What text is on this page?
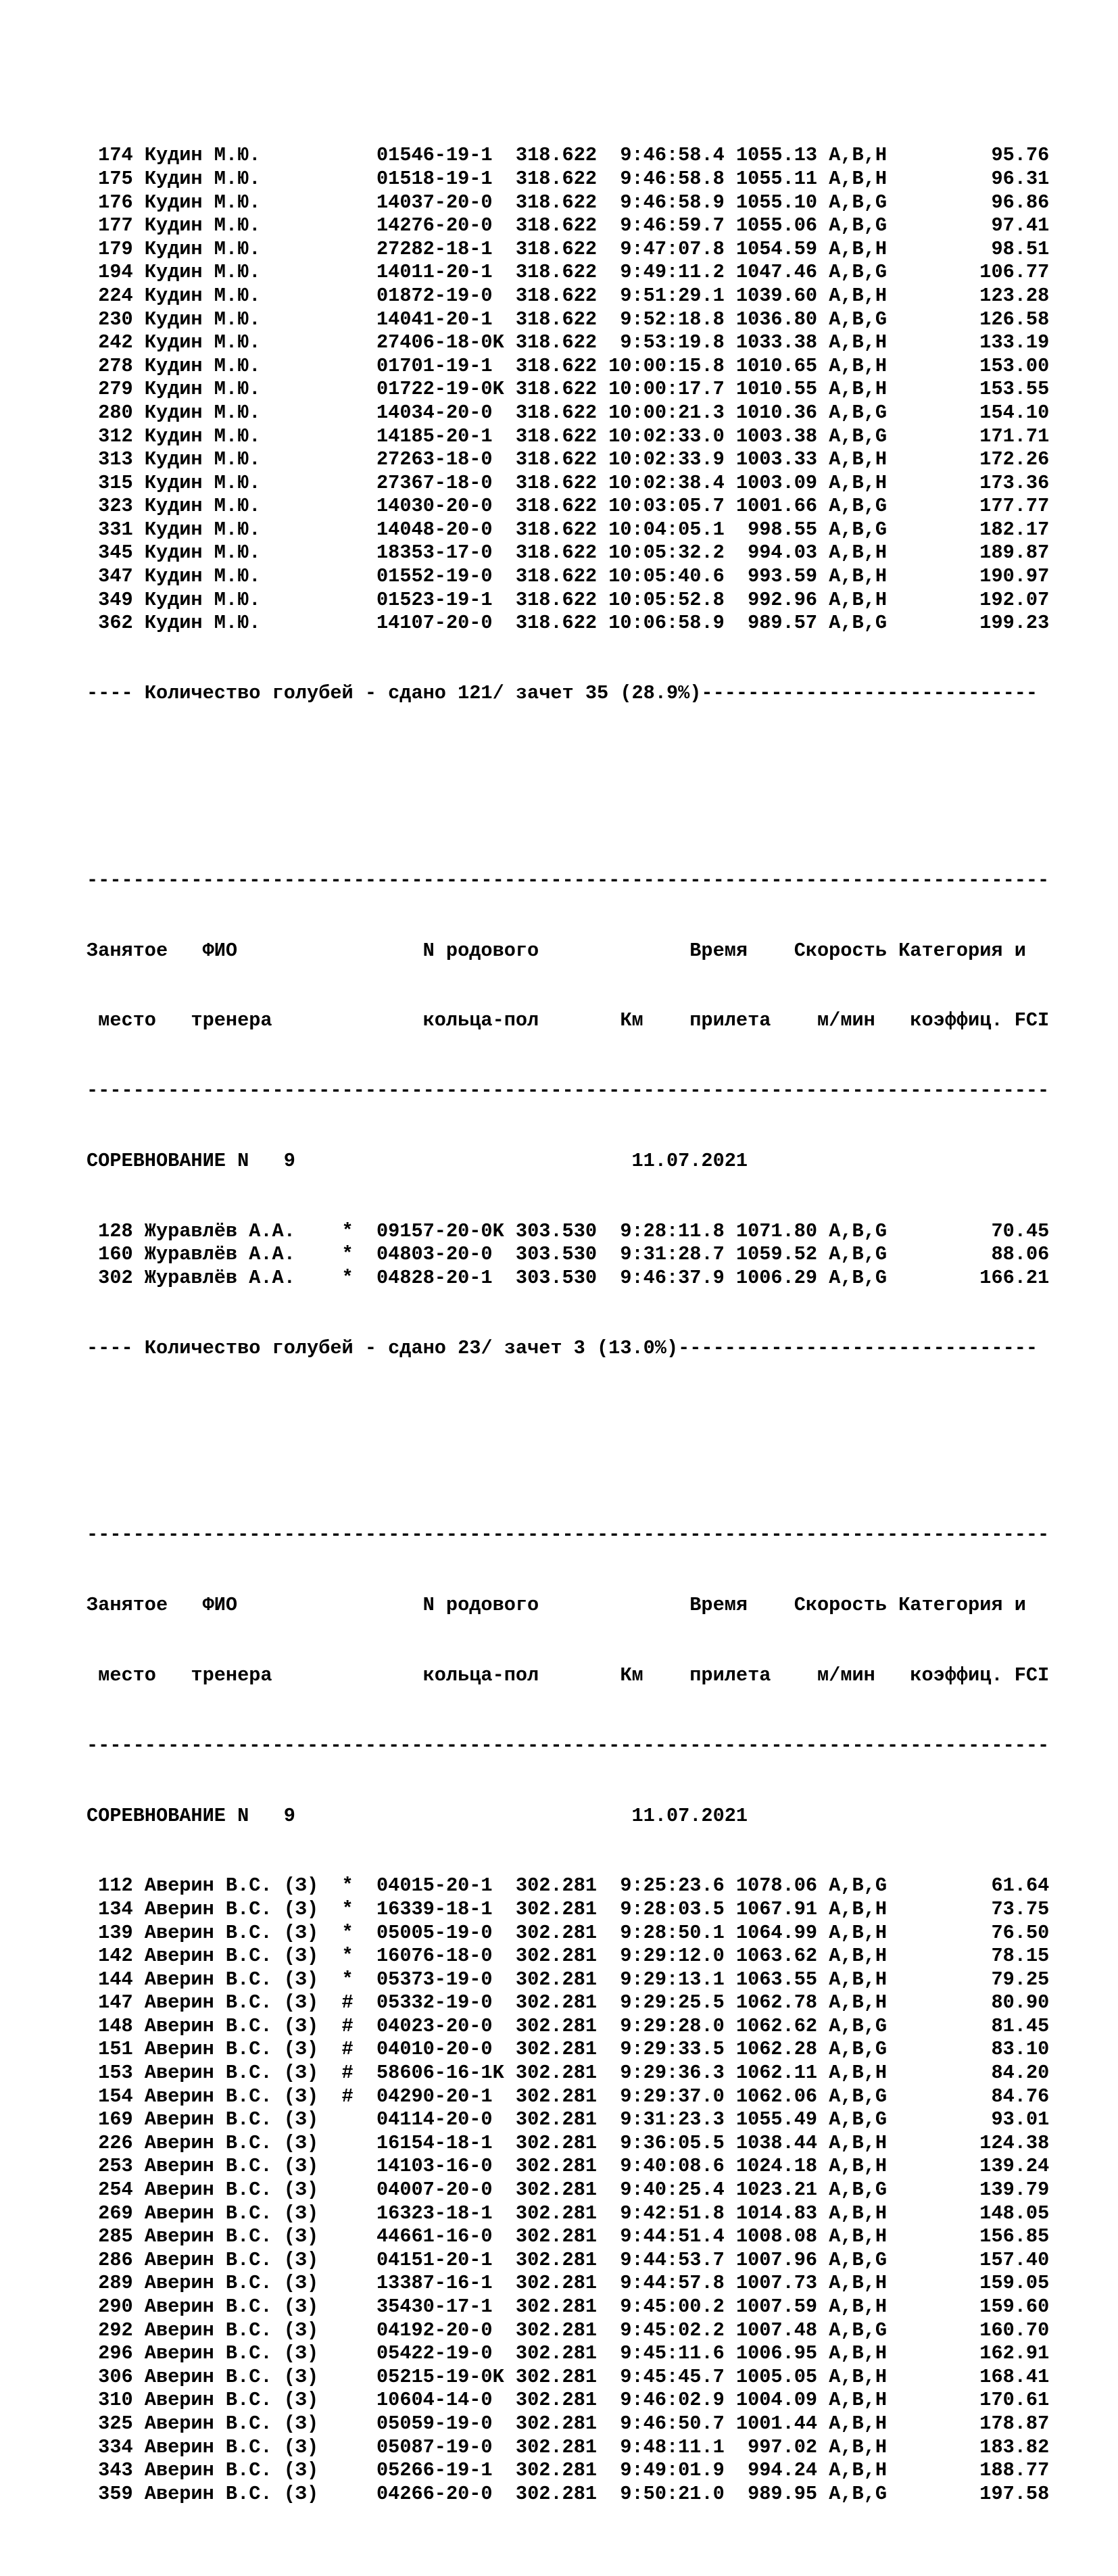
174 Кудин М.Ю.	01546-19-1	318.622	9:46:58.4 1055.13 A,B,H	95.76
175 Кудин М.Ю.	01518-19-1	318.622	9:46:58.8 1055.11 A,B,H	96.31
176 Кудин М.Ю.	14037-20-0	318.622	9:46:58.9 1055.10 A,B,G	96.86
177 Кудин М.Ю.	14276-20-0	318.622	9:46:59.7 1055.06 A,B,G	97.41
179 Кудин М.Ю.	27282-18-1	318.622	9:47:07.8 1054.59 A,B,H	98.51
194 Кудин М.Ю.	14011-20-1	318.622	9:49:11.2 1047.46 A,B,G	106.77
224 Кудин М.Ю.	01872-19-0	318.622	9:51:29.1 1039.60 A,B,H	123.28
230 Кудин М.Ю.	14041-20-1	318.622	9:52:18.8 1036.80 A,B,G	126.58
242 Кудин М.Ю.	27406-18-0K 318.622	9:53:19.8 1033.38 A,B,H	133.19
278 Кудин М.Ю.	01701-19-1	318.622 10:00:15.8 1010.65 A,B,H	153.00
279 Кудин М.Ю.	01722-19-0K 318.622 10:00:17.7 1010.55 A,B,H	153.55
280 Кудин М.Ю.	14034-20-0	318.622 10:00:21.3 1010.36 A,B,G	154.10
312 Кудин М.Ю.	14185-20-1	318.622 10:02:33.0 1003.38 A,B,G	171.71
313 Кудин М.Ю.	27263-18-0	318.622 10:02:33.9 1003.33 A,B,H	172.26
315 Кудин М.Ю.	27367-18-0	318.622 10:02:38.4 1003.09 A,B,H	173.36
323 Кудин М.Ю.	14030-20-0	318.622 10:03:05.7 1001.66 A,B,G	177.77
331 Кудин М.Ю.	14048-20-0	318.622 10:04:05.1	998.55 A,B,G	182.17
345 Кудин М.Ю.	18353-17-0	318.622 10:05:32.2	994.03 A,B,H	189.87
347 Кудин М.Ю.	01552-19-0	318.622 10:05:40.6	993.59 A,B,H	190.97
349 Кудин М.Ю.	01523-19-1	318.622 10:05:52.8	992.96 A,B,H	192.07
362 Кудин М.Ю.	14107-20-0	318.622 10:06:58.9	989.57 A,B,G	199.23

---- Количество голубей - сдано 121/ зачет 35 (28.9%)-----------------------------

-----------------------------------------------------------------------------------

Занятое   ФИО                N родового             Время    Скорость Категория и

место   тренера             кольца-пол       Км    прилета    м/мин   коэффиц. FCI

-----------------------------------------------------------------------------------

СОРЕВНОВАНИЕ N   9                             11.07.2021

128 Журавлёв А.А.	* 09157-20-0K 303.530	9:28:11.8 1071.80 A,B,G	70.45
160 Журавлёв А.А.	* 04803-20-0	303.530	9:31:28.7 1059.52 A,B,G	88.06
302 Журавлёв А.А.	* 04828-20-1	303.530	9:46:37.9 1006.29 A,B,G	166.21

---- Количество голубей - сдано 23/ зачет 3 (13.0%)-------------------------------

-----------------------------------------------------------------------------------

Занятое   ФИО                N родового             Время    Скорость Категория и

место   тренера             кольца-пол       Км    прилета    м/мин   коэффиц. FCI

-----------------------------------------------------------------------------------

СОРЕВНОВАНИЕ N   9                             11.07.2021

112 Аверин В.С. (З) * 04015-20-1	302.281	9:25:23.6 1078.06 A,B,G	61.64
134 Аверин В.С. (З) * 16339-18-1	302.281	9:28:03.5 1067.91 A,B,H	73.75
139 Аверин В.С. (З) * 05005-19-0	302.281	9:28:50.1 1064.99 A,B,H	76.50
142 Аверин В.С. (З) * 16076-18-0	302.281	9:29:12.0 1063.62 A,B,H	78.15
144 Аверин В.С. (З) * 05373-19-0	302.281	9:29:13.1 1063.55 A,B,H	79.25
147 Аверин В.С. (З) # 05332-19-0	302.281	9:29:25.5 1062.78 A,B,H	80.90
148 Аверин В.С. (З) # 04023-20-0	302.281	9:29:28.0 1062.62 A,B,G	81.45
151 Аверин В.С. (З) # 04010-20-0	302.281	9:29:33.5 1062.28 A,B,G	83.10
153 Аверин В.С. (З) # 58606-16-1K 302.281	9:29:36.3 1062.11 A,B,H	84.20
154 Аверин В.С. (З) # 04290-20-1	302.281	9:29:37.0 1062.06 A,B,G	84.76
169 Аверин В.С. (З)	04114-20-0	302.281	9:31:23.3 1055.49 A,B,G	93.01
226 Аверин В.С. (З)	16154-18-1	302.281	9:36:05.5 1038.44 A,B,H	124.38
253 Аверин В.С. (З)	14103-16-0	302.281	9:40:08.6 1024.18 A,B,H	139.24
254 Аверин В.С. (З)	04007-20-0	302.281	9:40:25.4 1023.21 A,B,G	139.79
269 Аверин В.С. (З)	16323-18-1	302.281	9:42:51.8 1014.83 A,B,H	148.05
285 Аверин В.С. (З)	44661-16-0	302.281	9:44:51.4 1008.08 A,B,H	156.85
286 Аверин В.С. (З)	04151-20-1	302.281	9:44:53.7 1007.96 A,B,G	157.40
289 Аверин В.С. (З)	13387-16-1	302.281	9:44:57.8 1007.73 A,B,H	159.05
290 Аверин В.С. (З)	35430-17-1	302.281	9:45:00.2 1007.59 A,B,H	159.60
292 Аверин В.С. (З)	04192-20-0	302.281	9:45:02.2 1007.48 A,B,G	160.70
296 Аверин В.С. (З)	05422-19-0	302.281	9:45:11.6 1006.95 A,B,H	162.91
306 Аверин В.С. (З)	05215-19-0K 302.281	9:45:45.7 1005.05 A,B,H	168.41
310 Аверин В.С. (З)	10604-14-0	302.281	9:46:02.9 1004.09 A,B,H	170.61
325 Аверин В.С. (З)	05059-19-0	302.281	9:46:50.7 1001.44 A,B,H	178.87
334 Аверин В.С. (З)	05087-19-0	302.281	9:48:11.1	997.02 A,B,H	183.82
343 Аверин В.С. (З)	05266-19-1	302.281	9:49:01.9	994.24 A,B,H	188.77
359 Аверин В.С. (З)	04266-20-0	302.281	9:50:21.0	989.95 A,B,G	197.58
